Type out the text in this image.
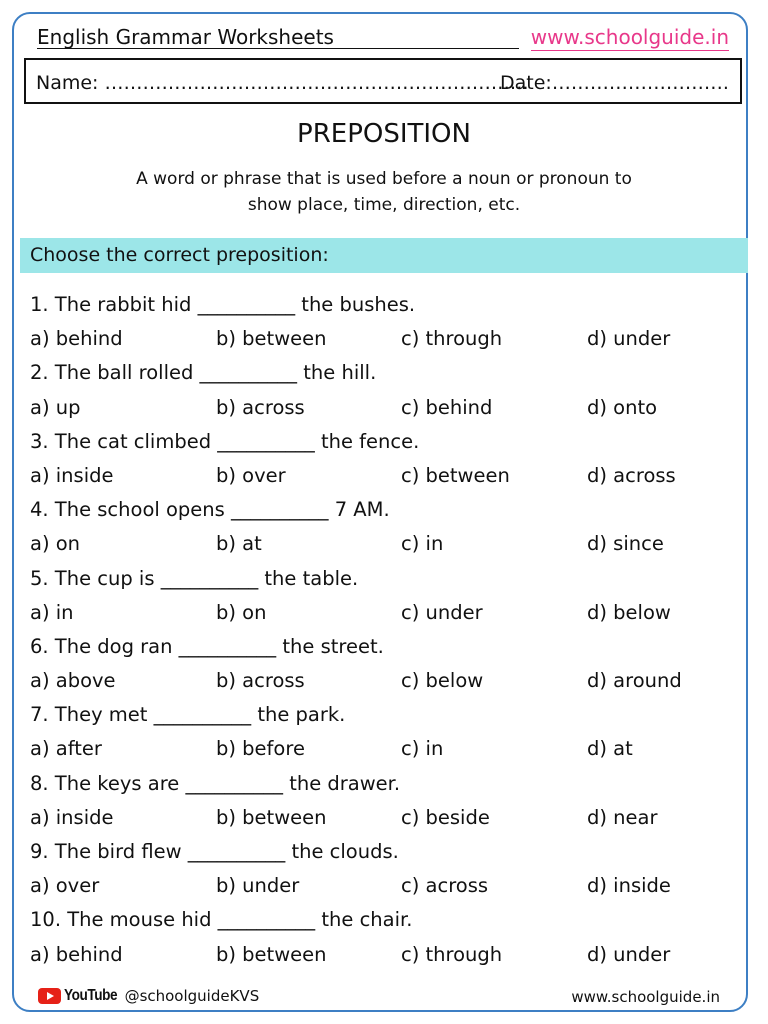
English Grammar Worksheets	www.schoolguide.in
Name: ………………………………………………………….
Date:……………………….
PREPOSITION
A word or phrase that is used before a noun or pronoun to show place, time, direction, etc.
Choose the correct preposition:
1. The rabbit hid __________ the bushes.
a) behind	b) between	c) through	d) under
2. The ball rolled __________ the hill.
a) up	b) across	c) behind	d) onto
3. The cat climbed __________ the fence.
a) inside	b) over	c) between	d) across
4. The school opens __________ 7 AM.
a) on	b) at	c) in	d) since
5. The cup is __________ the table.
a) in	b) on	c) under	d) below
6. The dog ran __________ the street.
a) above	b) across	c) below	d) around
7. They met __________ the park.
a) after	b) before	c) in	d) at
8. The keys are __________ the drawer.
a) inside	b) between	c) beside	d) near
9. The bird flew __________ the clouds.
a) over	b) under	c) across	d) inside
10. The mouse hid __________ the chair.
a) behind	b) between	c) through	d) under
YouTube @schoolguideKVS	www.schoolguide.in
